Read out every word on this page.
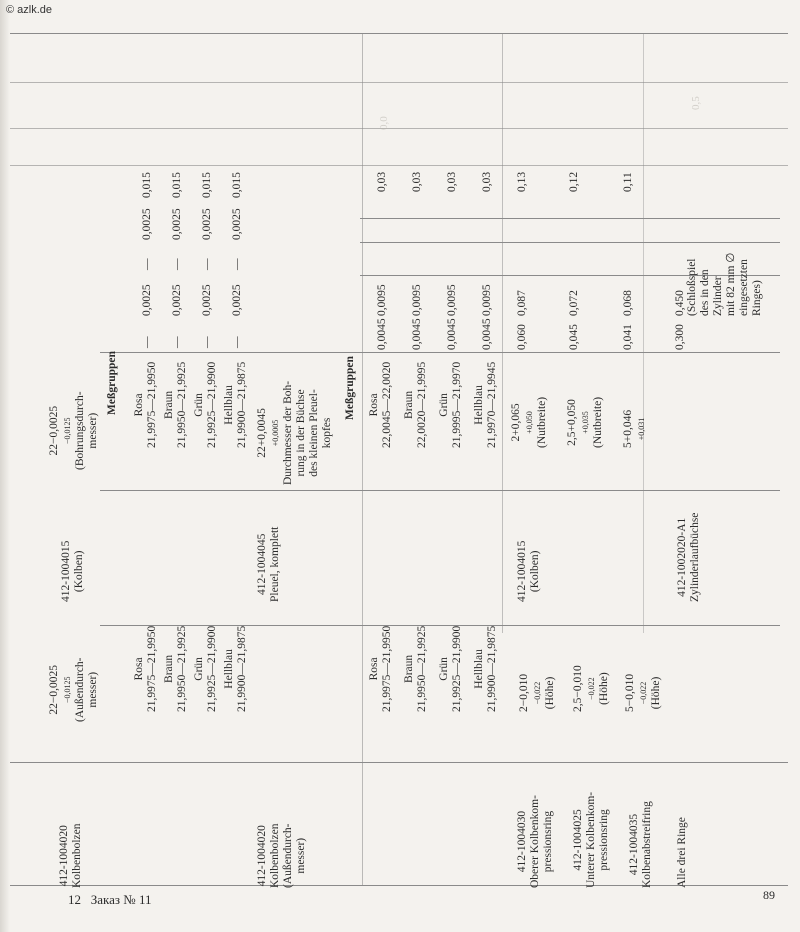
© azlk.de
0,0
0,5
412-1004020 Kolbenbolzen
22−0,0025 −0,0125 (Außendurch- messer)
412-1004015 (Kolben)
22−0,0025 −0,0125 (Bohrungsdurch- messer)
Meßgruppen
Rosa 21,9975—21,9950 Braun 21,9950—21,9925 Grün 21,9925—21,9900 Hellblau 21,9900—21,9875
Rosa 21,9975—21,9950 Braun 21,9950—21,9925 Grün 21,9925—21,9900 Hellblau 21,9900—21,9875
— — — —
0,0025 0,0025 0,0025 0,0025
— — — —
0,0025 0,0025 0,0025 0,0025
0,015 0,015 0,015 0,015
412-1004020 Kolbenbolzen (Außendurch- messer)
412-1004045 Pleuel, komplett
22+0,0045 +0,0005 Durchmesser der Boh- rung in der Büchse des kleinen Pleuel- kopfes
Meßgruppen
Rosa 21,9975—21,9950 Braun 21,9950—21,9925 Grün 21,9925—21,9900 Hellblau 21,9900—21,9875
Rosa 22,0045—22,0020 Braun 22,0020—21,9995 Grün 21,9995—21,9970 Hellblau 21,9970—21,9945
0,0045 0,0045 0,0045 0,0045
0,0095 0,0095 0,0095 0,0095
0,03 0,03 0,03 0,03
412-1004030 Oberer Kolbenkom- pressionsring
2−0,010 −0,022 (Höhe)
412-1004015 (Kolben)
2+0,065 +0,050 (Nutbreite)
0,060
0,087
0,13
412-1004025 Unterer Kolbenkom- pressionsring
2,5−0,010 −0,022 (Höhe)
2,5+0,050 +0,035 (Nutbreite)
0,045
0,072
0,12
412-1004035 Kolbenabstreifring
5−0,010 −0,022 (Höhe)
5+0,046 +0,031
0,041
0,068
0,11
Alle drei Ringe
412-1002020-A1 Zylinderlaufbüchse
0,300
0,450 (Schloßspiel des in den Zylinder mit 82 mm ∅ eingesetzten Ringes)
12   Заказ № 11	89
